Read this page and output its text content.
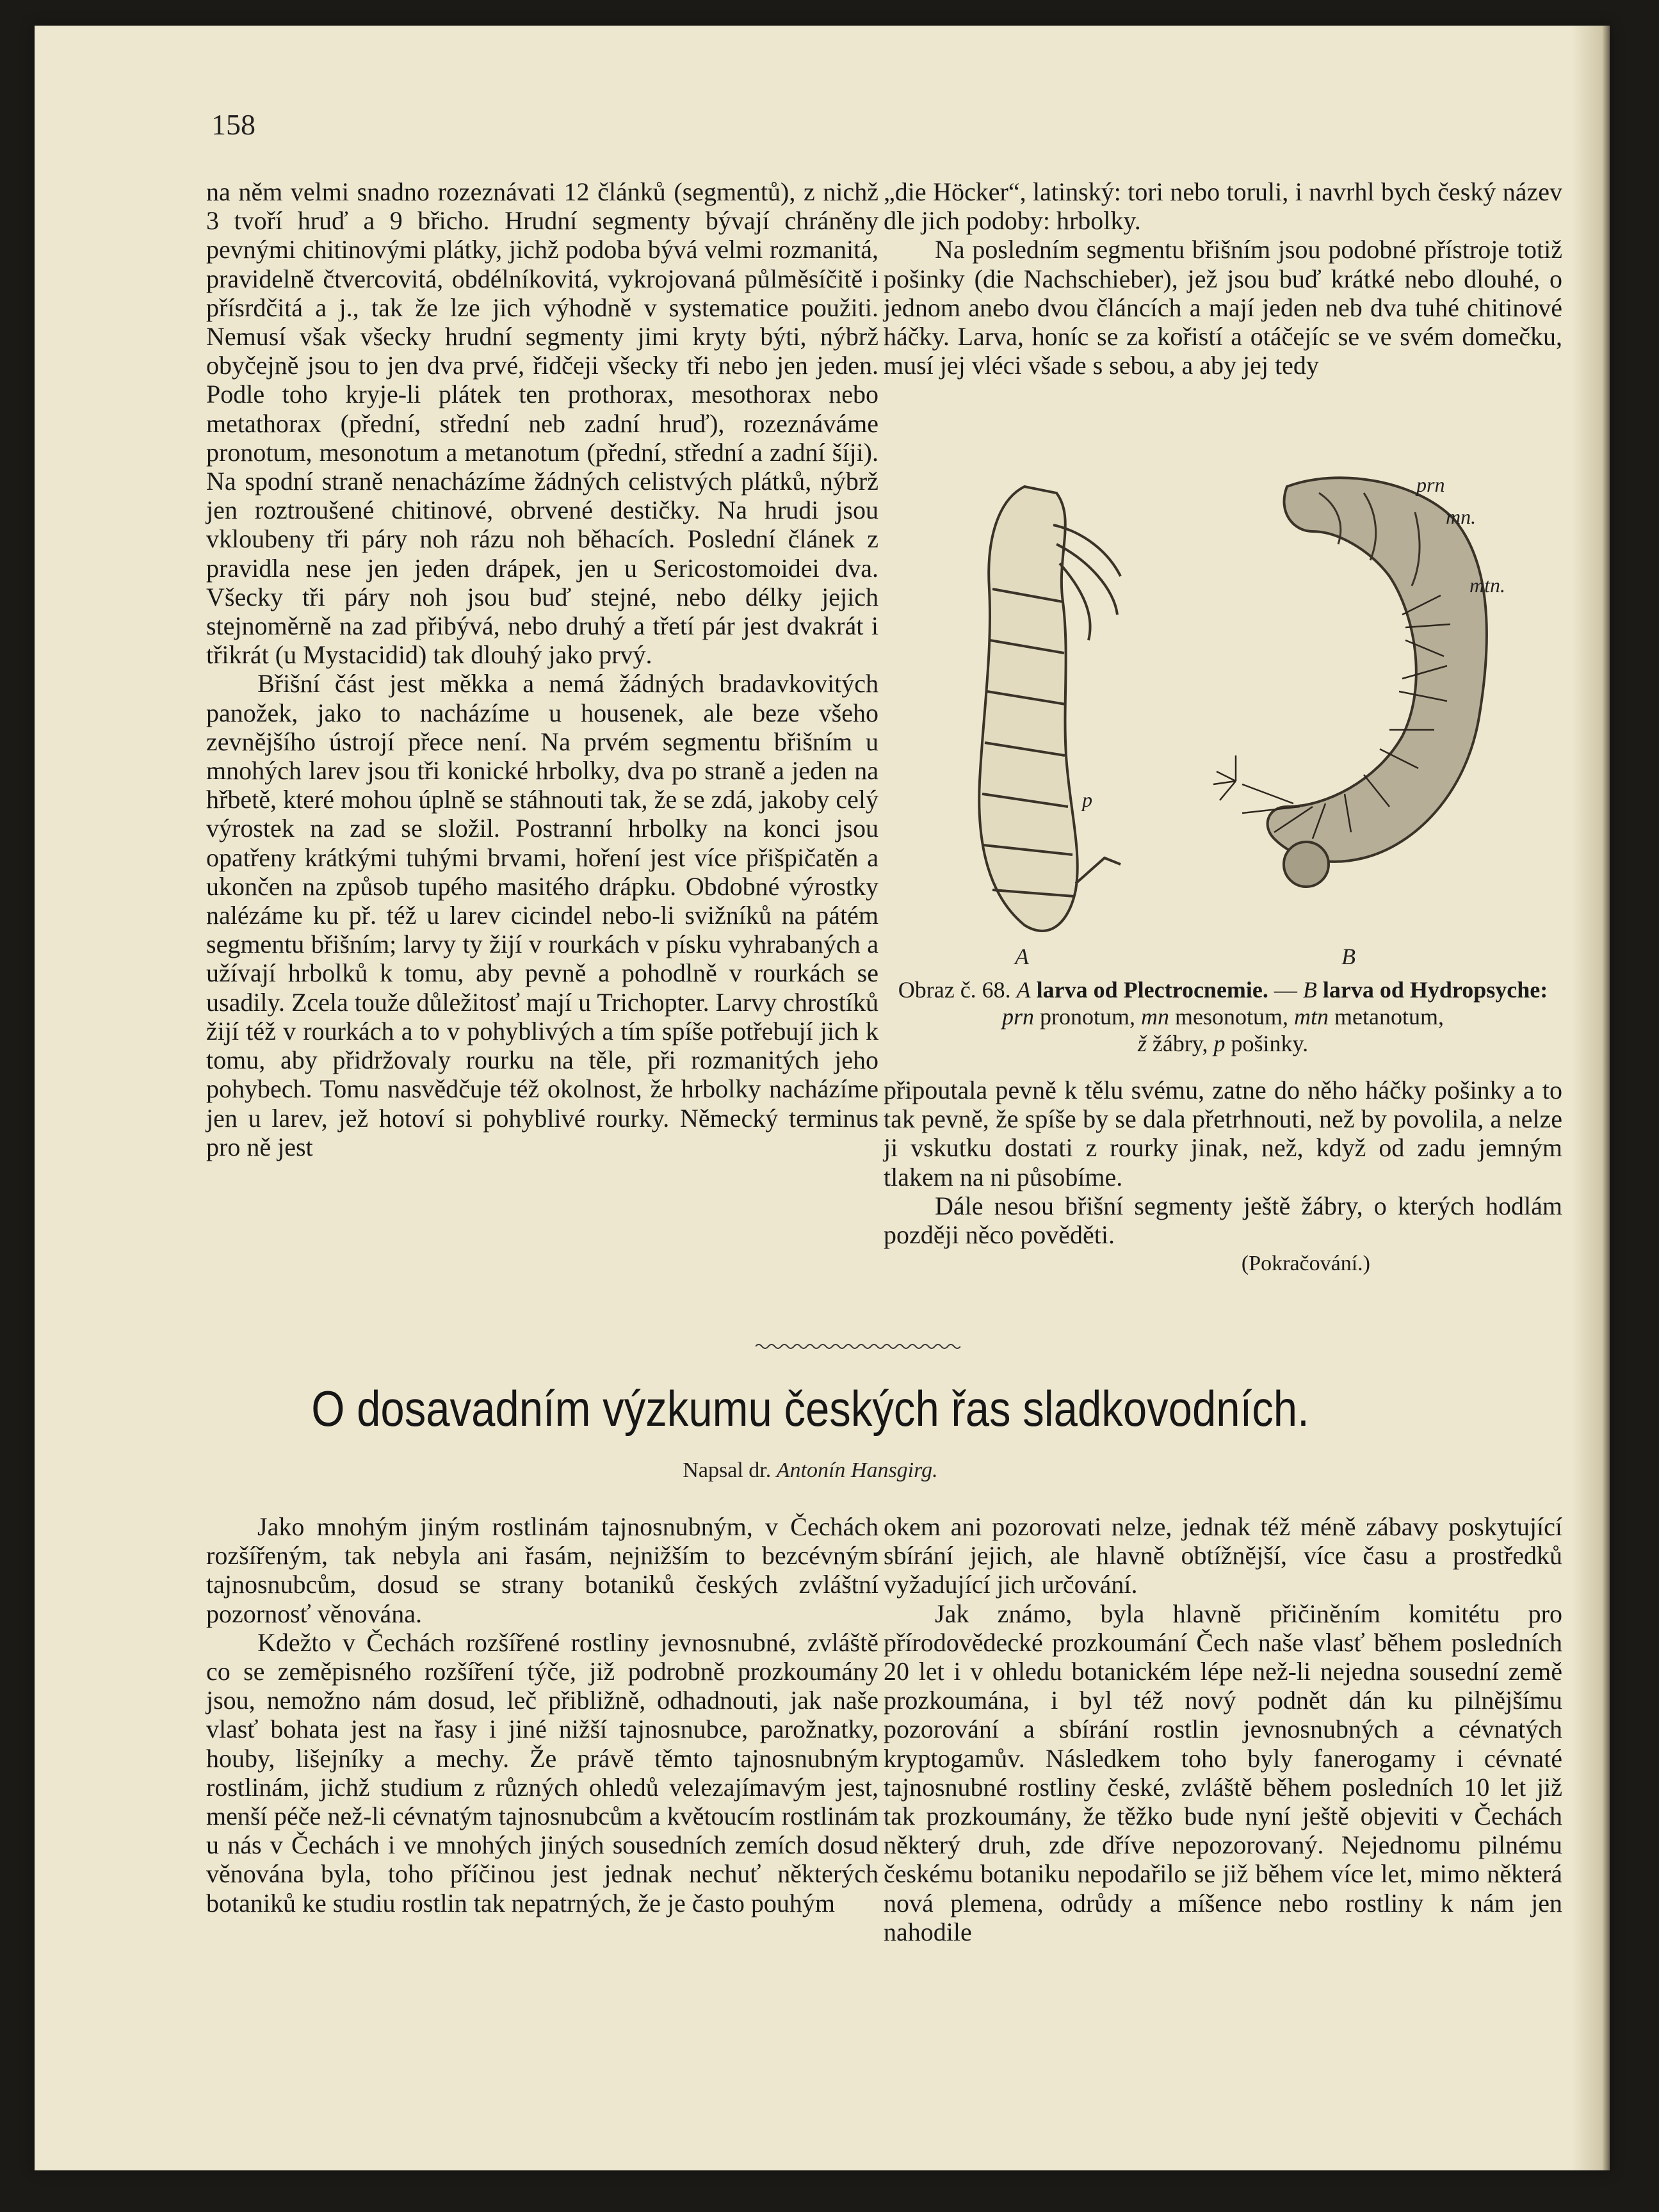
158

na něm velmi snadno rozeznávati 12 článků (segmentů), z nichž 3 tvoří hruď a 9 břicho. Hrudní segmenty bývají chráněny pevnými chitinovými plátky, jichž podoba bývá velmi rozmanitá, pravidelně čtvercovitá, obdélníkovitá, vykrojovaná půlměsíčitě i přísrdčitá a j., tak že lze jich výhodně v systematice použiti. Nemusí však všecky hrudní segmenty jimi kryty býti, nýbrž obyčejně jsou to jen dva prvé, řidčeji všecky tři nebo jen jeden. Podle toho kryje-li plátek ten prothorax, mesothorax nebo metathorax (přední, střední neb zadní hruď), rozeznáváme pronotum, mesonotum a metanotum (přední, střední a zadní šíji). Na spodní straně nenacházíme žádných celistvých plátků, nýbrž jen roztroušené chitinové, obrvené destičky. Na hrudi jsou vkloubeny tři páry noh rázu noh běhacích. Poslední článek z pravidla nese jen jeden drápek, jen u Sericostomoidei dva. Všecky tři páry noh jsou buď stejné, nebo délky jejich stejnoměrně na zad přibývá, nebo druhý a třetí pár jest dvakrát i třikrát (u Mystacidid) tak dlouhý jako prvý.

Břišní část jest měkka a nemá žádných bradavkovitých panožek, jako to nacházíme u housenek, ale beze všeho zevnějšího ústrojí přece není. Na prvém segmentu břišním u mnohých larev jsou tři konické hrbolky, dva po straně a jeden na hřbetě, které mohou úplně se stáhnouti tak, že se zdá, jakoby celý výrostek na zad se složil. Postranní hrbolky na konci jsou opatřeny krátkými tuhými brvami, hoření jest více přišpičatěn a ukončen na způsob tupého masitého drápku. Obdobné výrostky nalézáme ku př. též u larev cicindel nebo-li svižníků na pátém segmentu břišním; larvy ty žijí v rourkách v písku vyhrabaných a užívají hrbolků k tomu, aby pevně a pohodlně v rourkách se usadily. Zcela touže důležitosť mají u Trichopter. Larvy chrostíků žijí též v rourkách a to v pohyblivých a tím spíše potřebují jich k tomu, aby přidržovaly rourku na těle, při rozmanitých jeho pohybech. Tomu nasvědčuje též okolnost, že hrbolky nacházíme jen u larev, jež hotoví si pohyblivé rourky. Německý terminus pro ně jest

„die Höcker“, latinský: tori nebo toruli, i navrhl bych český název dle jich podoby: hrbolky.

Na posledním segmentu břišním jsou podobné přístroje totiž pošinky (die Nachschieber), jež jsou buď krátké nebo dlouhé, o jednom anebo dvou článcích a mají jeden neb dva tuhé chitinové háčky. Larva, honíc se za kořistí a otáčejíc se ve svém domečku, musí jej vléci všade s sebou, a aby jej tedy

prn
mn.
mtn.
p
A	B
Obraz č. 68. A larva od Plectrocnemie. — B larva od Hydropsyche: prn pronotum, mn mesonotum, mtn metanotum,
ž žábry, p pošinky.

připoutala pevně k tělu svému, zatne do něho háčky pošinky a to tak pevně, že spíše by se dala přetrhnouti, než by povolila, a nelze ji vskutku dostati z rourky jinak, než, když od zadu jemným tlakem na ni působíme.

Dále nesou břišní segmenty ještě žábry, o kterých hodlám později něco pověděti.

(Pokračování.)

O dosavadním výzkumu českých řas sladkovodních.
Napsal dr. Antonín Hansgirg.

Jako mnohým jiným rostlinám tajnosnubným, v Čechách rozšířeným, tak nebyla ani řasám, nejnižším to bezcévným tajnosnubcům, dosud se strany botaniků českých zvláštní pozornosť věnována.

Kdežto v Čechách rozšířené rostliny jevnosnubné, zvláště co se zeměpisného rozšíření týče, již podrobně prozkoumány jsou, nemožno nám dosud, leč přibližně, odhadnouti, jak naše vlasť bohata jest na řasy i jiné nižší tajnosnubce, parožnatky, houby, lišejníky a mechy. Že právě těmto tajnosnubným rostlinám, jichž studium z různých ohledů velezajímavým jest, menší péče než-li cévnatým tajnosnubcům a květoucím rostlinám u nás v Čechách i ve mnohých jiných sousedních zemích dosud věnována byla, toho příčinou jest jednak nechuť některých botaniků ke studiu rostlin tak nepatrných, že je často pouhým

okem ani pozorovati nelze, jednak též méně zábavy poskytující sbírání jejich, ale hlavně obtížnější, více času a prostředků vyžadující jich určování.

Jak známo, byla hlavně přičiněním komitétu pro přírodovědecké prozkoumání Čech naše vlasť během posledních 20 let i v ohledu botanickém lépe než-li nejedna sousední země prozkoumána, i byl též nový podnět dán ku pilnějšímu pozorování a sbírání rostlin jevnosnubných a cévnatých kryptogamův. Následkem toho byly fanerogamy i cévnaté tajnosnubné rostliny české, zvláště během posledních 10 let již tak prozkoumány, že těžko bude nyní ještě objeviti v Čechách některý druh, zde dříve nepozorovaný. Nejednomu pilnému českému botaniku nepodařilo se již během více let, mimo některá nová plemena, odrůdy a míšence nebo rostliny k nám jen nahodile
